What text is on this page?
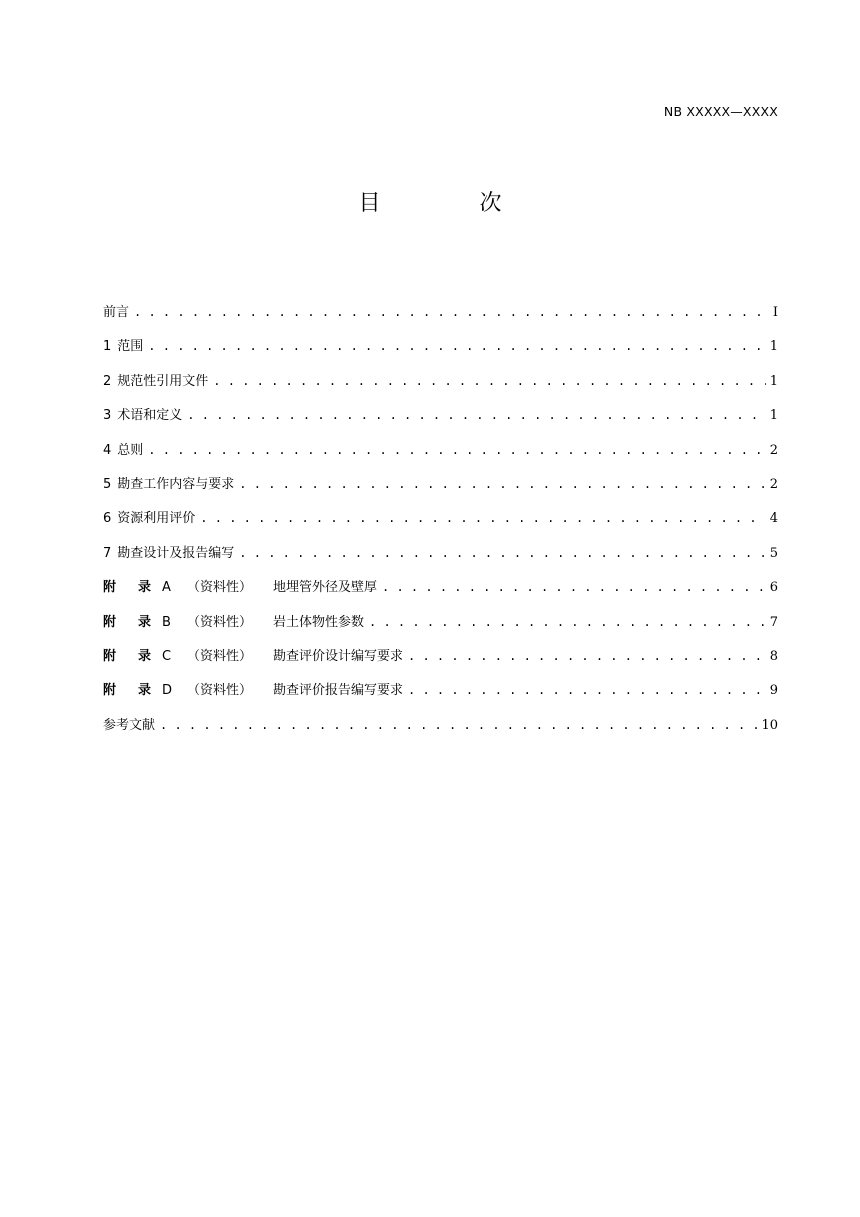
NB XXXXX—XXXX
目 次
前言 . . .	I
1 范围 . . .	1
2 规范性引用文件 . . .	1
3 术语和定义 . . .	1
4 总则 . . .	2
5 勘查工作内容与要求 . . .	2
6 资源利用评价 . . .	4
7 勘查设计及报告编写 . . .	5
附	录 A	（资料性）	地埋管外径及壁厚 . . .	6
附	录 B	（资料性）	岩土体物性参数 . . .	7
附	录 C	（资料性）	勘查评价设计编写要求 . . .	8
附	录 D	（资料性）	勘查评价报告编写要求 . . .	9
参考文献 . . .	10
